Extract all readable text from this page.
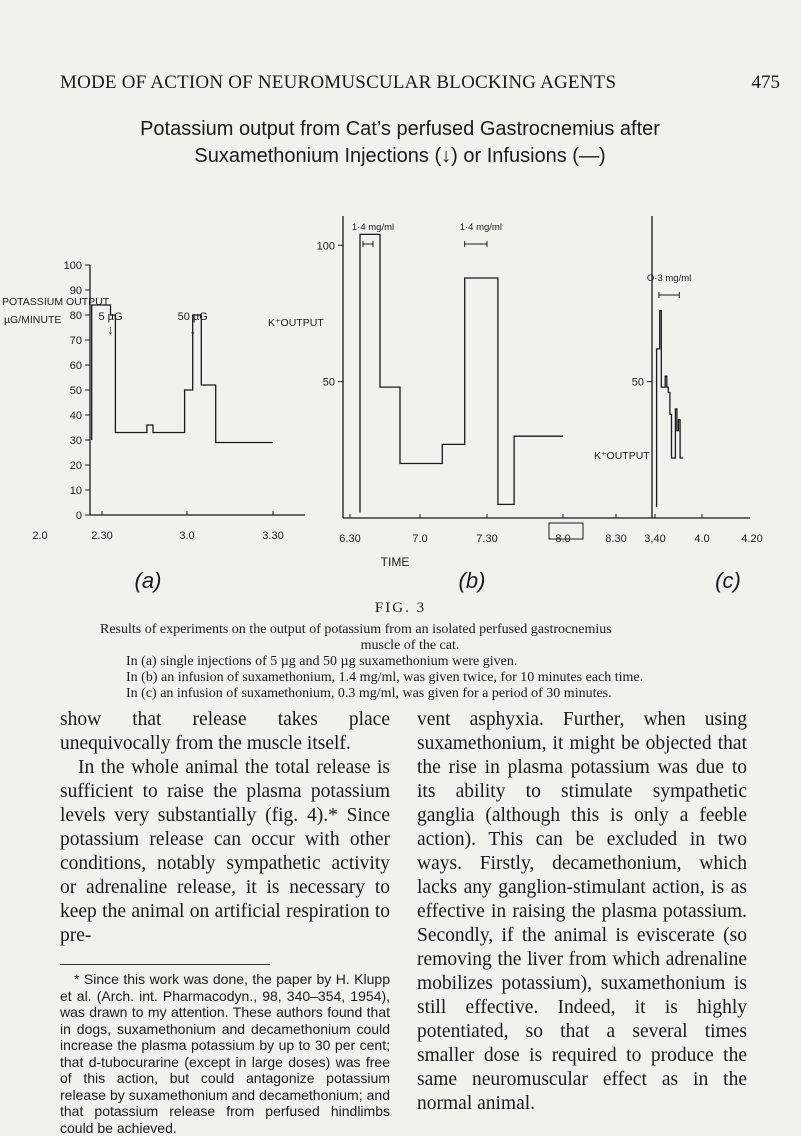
MODE OF ACTION OF NEUROMUSCULAR BLOCKING AGENTS	475
Potassium output from Cat’s perfused Gastrocnemius after
Suxamethonium Injections (↓) or Infusions (—)
100
90
80
70
60
50
40
30
20
10
0
2.0	2.30	3.0	3.30
POTASSIUM OUTPUT
µG/MINUTE	5 µG
↓
50 µG
↓
100
50
6.30	7.0	7.30	8.0
K⁺OUTPUT
1·4 mg/ml	1·4 mg/ml
50
8.30 3,40	4.0	4.20
K⁺OUTPUT
O·3 mg/ml
TIME
(a)	(b)	(c)
FIG. 3
Results of experiments on the output of potassium from an isolated perfused gastrocnemius
muscle of the cat.
In (a) single injections of 5 µg and 50 µg suxamethonium were given.
In (b) an infusion of suxamethonium, 1.4 mg/ml, was given twice, for 10 minutes each time.
In (c) an infusion of suxamethonium, 0.3 mg/ml, was given for a period of 30 minutes.

show that release takes place unequivocally from the muscle itself.

In the whole animal the total release is sufficient to raise the plasma potassium levels very substantially (fig. 4).* Since potassium release can occur with other conditions, notably sympathetic activity or adrenaline release, it is necessary to keep the animal on artificial respiration to pre-

* Since this work was done, the paper by H. Klupp et al. (Arch. int. Pharmacodyn., 98, 340–354, 1954), was drawn to my attention. These authors found that in dogs, suxamethonium and decamethonium could increase the plasma potassium by up to 30 per cent; that d-tubocurarine (except in large doses) was free of this action, but could antagonize potassium release by suxamethonium and decamethonium; and that potassium release from perfused hindlimbs could be achieved.

vent asphyxia. Further, when using suxamethonium, it might be objected that the rise in plasma potassium was due to its ability to stimulate sympathetic ganglia (although this is only a feeble action). This can be excluded in two ways. Firstly, decamethonium, which lacks any ganglion-stimulant action, is as effective in raising the plasma potassium. Secondly, if the animal is eviscerate (so removing the liver from which adrenaline mobilizes potassium), suxamethonium is still effective. Indeed, it is highly potentiated, so that a several times smaller dose is required to produce the same neuromuscular effect as in the normal animal.
